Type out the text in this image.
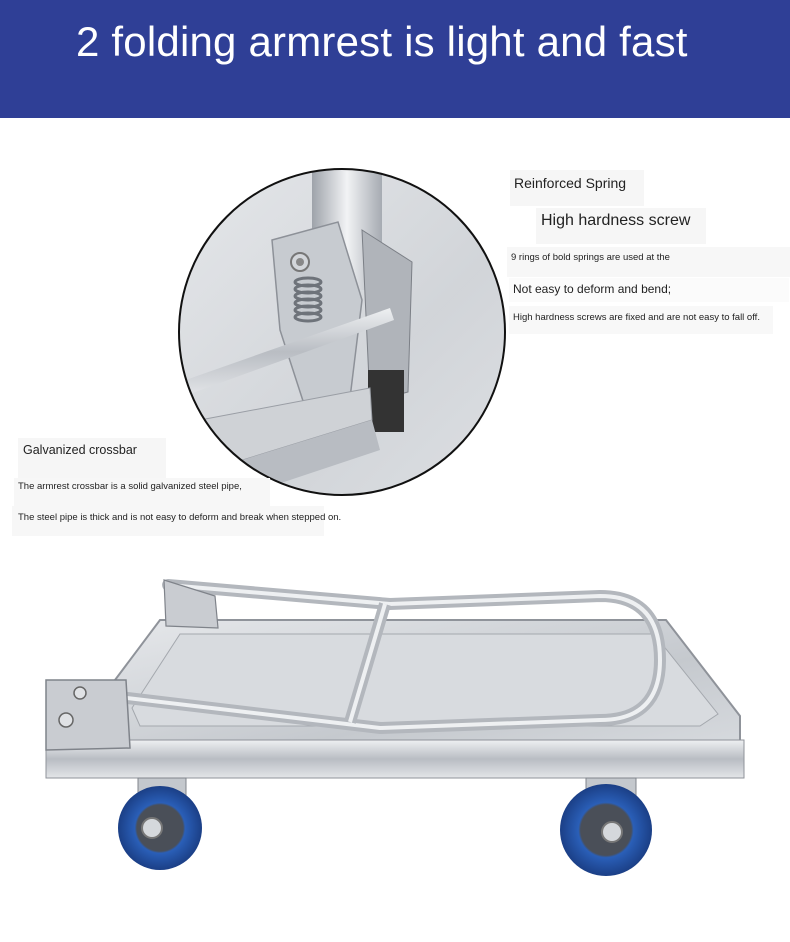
2 folding armrest is light and fast
Reinforced Spring
High hardness screw
9 rings of bold springs are used at the
Not easy to deform and bend;
High hardness screws are fixed and are not easy to fall off.
Galvanized crossbar
The armrest crossbar is a solid galvanized steel pipe,
The steel pipe is thick and is not easy to deform and break when stepped on.
